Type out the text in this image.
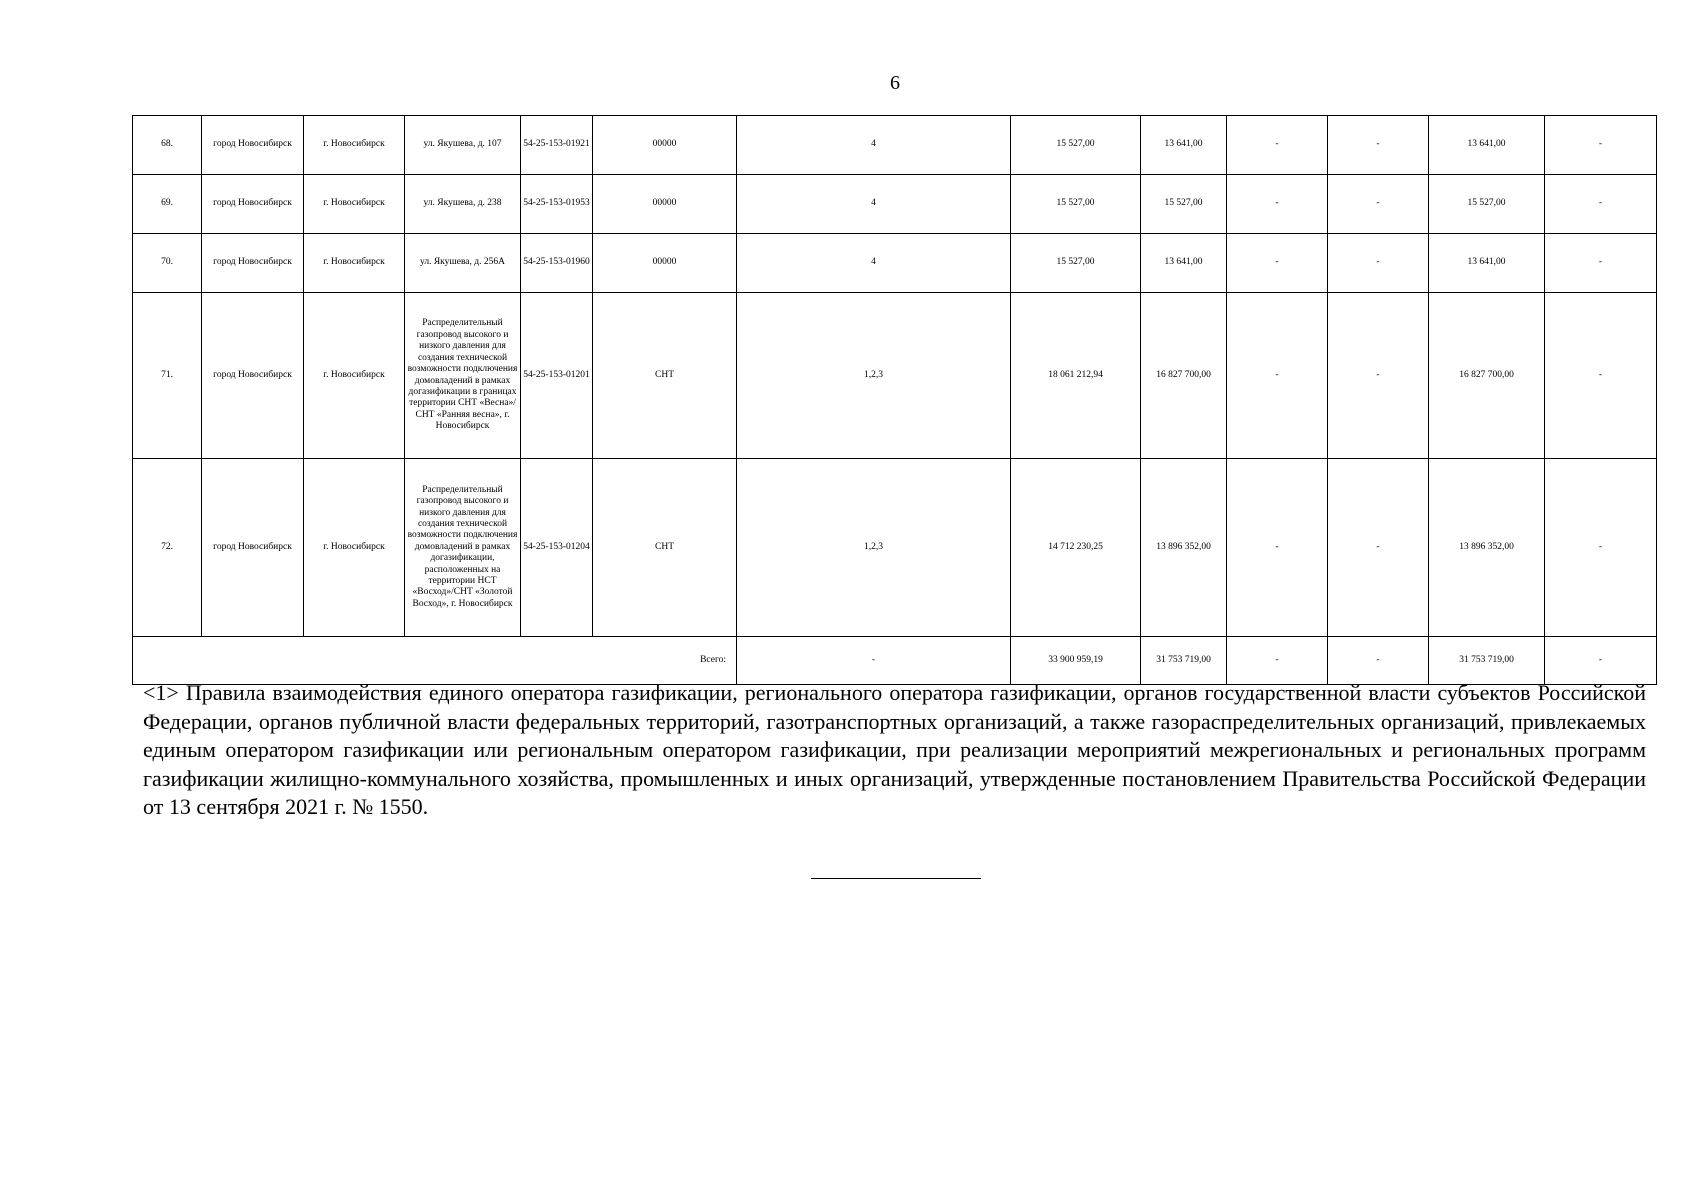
6
68.	город Новосибирск	г. Новосибирск	ул. Якушева, д. 107	54-25-153-01921	00000	4	15 527,00	13 641,00	-	-	13 641,00	-
69.	город Новосибирск	г. Новосибирск	ул. Якушева, д. 238	54-25-153-01953	00000	4	15 527,00	15 527,00	-	-	15 527,00	-
70.	город Новосибирск	г. Новосибирск	ул. Якушева, д. 256А	54-25-153-01960	00000	4	15 527,00	13 641,00	-	-	13 641,00	-
71.	город Новосибирск	г. Новосибирск	Распределительный газопровод высокого и низкого давления для создания технической возможности подключения домовладений в рамках догазификации в границах территории СНТ «Весна»/СНТ «Ранняя весна», г. Новосибирск	54-25-153-01201	СНТ	1,2,3	18 061 212,94	16 827 700,00	-	-	16 827 700,00	-
72.	город Новосибирск	г. Новосибирск	Распределительный газопровод высокого и низкого давления для создания технической возможности подключения домовладений в рамках догазификации, расположенных на территории НСТ «Восход»/СНТ «Золотой Восход», г. Новосибирск	54-25-153-01204	СНТ	1,2,3	14 712 230,25	13 896 352,00	-	-	13 896 352,00	-
Всего:						-	33 900 959,19	31 753 719,00	-	-	31 753 719,00	-
<1> Правила взаимодействия единого оператора газификации, регионального оператора газификации, органов государственной власти субъектов Российской Федерации, органов публичной власти федеральных территорий, газотранспортных организаций, а также газораспределительных организаций, привлекаемых единым оператором газификации или региональным оператором газификации, при реализации мероприятий межрегиональных и региональных программ газификации жилищно-коммунального хозяйства, промышленных и иных организаций, утвержденные постановлением Правительства Российской Федерации от 13 сентября 2021 г. № 1550.
